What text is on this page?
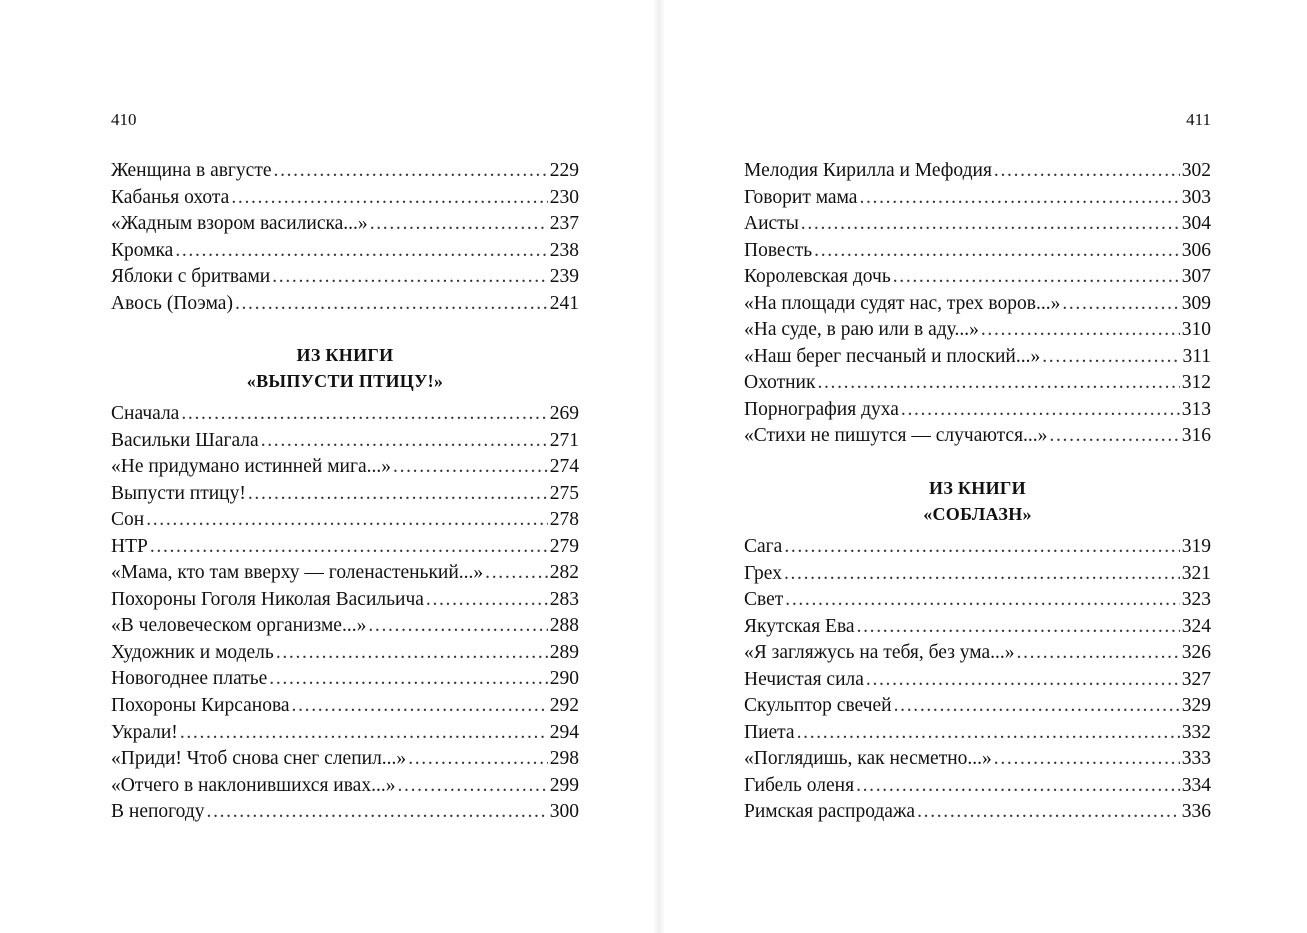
410
Женщина в августе . . .	229
Кабанья охота . . .	230
«Жадным взором василиска...» . . .	237
Кромка . . .	238
Яблоки с бритвами . . .	239
Авось (Поэма) . . .	241
ИЗ КНИГИ
«ВЫПУСТИ ПТИЦУ!»
Сначала . . .	269
Васильки Шагала . . .	271
«Не придумано истинней мига...» . . .	274
Выпусти птицу! . . .	275
Сон . . .	278
НТР . . .	279
«Мама, кто там вверху — голенастенький...» . . .	282
Похороны Гоголя Николая Васильича . . .	283
«В человеческом организме...» . . .	288
Художник и модель . . .	289
Новогоднее платье . . .	290
Похороны Кирсанова . . .	292
Украли! . . .	294
«Приди! Чтоб снова снег слепил...» . . .	298
«Отчего в наклонившихся ивах...» . . .	299
В непогоду . . .	300
411
Мелодия Кирилла и Мефодия . . .	302
Говорит мама . . .	303
Аисты . . .	304
Повесть . . .	306
Королевская дочь . . .	307
«На площади судят нас, трех воров...» . . .	309
«На суде, в раю или в аду...» . . .	310
«Наш берег песчаный и плоский...» . . .	311
Охотник . . .	312
Порнография духа . . .	313
«Стихи не пишутся — случаются...» . . .	316
ИЗ КНИГИ
«СОБЛАЗН»
Сага . . .	319
Грех . . .	321
Свет . . .	323
Якутская Ева . . .	324
«Я загляжусь на тебя, без ума...» . . .	326
Нечистая сила . . .	327
Скульптор свечей . . .	329
Пиета . . .	332
«Поглядишь, как несметно...» . . .	333
Гибель оленя . . .	334
Римская распродажа . . .	336
